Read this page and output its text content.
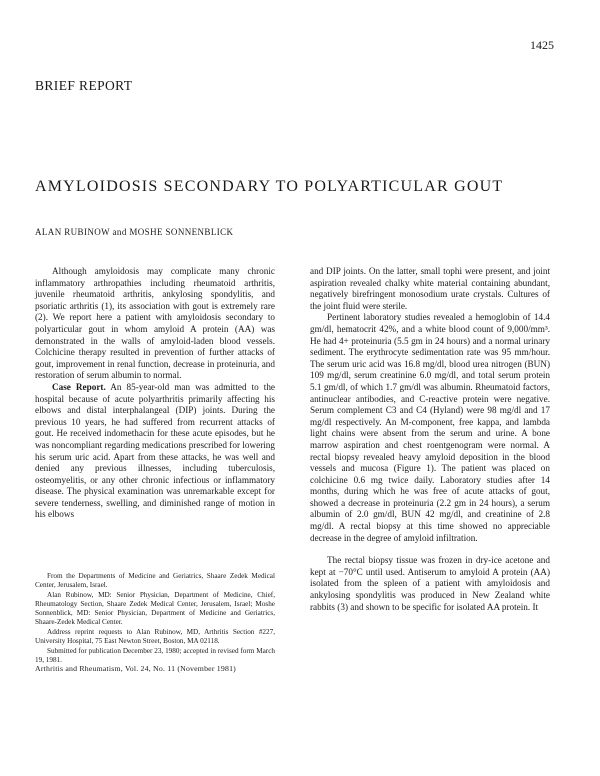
1425
BRIEF REPORT
AMYLOIDOSIS SECONDARY TO POLYARTICULAR GOUT
ALAN RUBINOW and MOSHE SONNENBLICK

Although amyloidosis may complicate many chronic inflammatory arthropathies including rheumatoid arthritis, juvenile rheumatoid arthritis, ankylosing spondylitis, and psoriatic arthritis (1), its association with gout is extremely rare (2). We report here a patient with amyloidosis secondary to polyarticular gout in whom amyloid A protein (AA) was demonstrated in the walls of amyloid-laden blood vessels. Colchicine therapy resulted in prevention of further attacks of gout, improvement in renal function, decrease in proteinuria, and restoration of serum albumin to normal.

Case Report. An 85-year-old man was admitted to the hospital because of acute polyarthritis primarily affecting his elbows and distal interphalangeal (DIP) joints. During the previous 10 years, he had suffered from recurrent attacks of gout. He received indomethacin for these acute episodes, but he was noncompliant regarding medications prescribed for lowering his serum uric acid. Apart from these attacks, he was well and denied any previous illnesses, including tuberculosis, osteomyelitis, or any other chronic infectious or inflammatory disease. The physical examination was unremarkable except for severe tenderness, swelling, and diminished range of motion in his elbows

and DIP joints. On the latter, small tophi were present, and joint aspiration revealed chalky white material containing abundant, negatively birefringent monosodium urate crystals. Cultures of the joint fluid were sterile.

Pertinent laboratory studies revealed a hemoglobin of 14.4 gm/dl, hematocrit 42%, and a white blood count of 9,000/mm³. He had 4+ proteinuria (5.5 gm in 24 hours) and a normal urinary sediment. The erythrocyte sedimentation rate was 95 mm/hour. The serum uric acid was 16.8 mg/dl, blood urea nitrogen (BUN) 109 mg/dl, serum creatinine 6.0 mg/dl, and total serum protein 5.1 gm/dl, of which 1.7 gm/dl was albumin. Rheumatoid factors, antinuclear antibodies, and C-reactive protein were negative. Serum complement C3 and C4 (Hyland) were 98 mg/dl and 17 mg/dl respectively. An M-component, free kappa, and lambda light chains were absent from the serum and urine. A bone marrow aspiration and chest roentgenogram were normal. A rectal biopsy revealed heavy amyloid deposition in the blood vessels and mucosa (Figure 1). The patient was placed on colchicine 0.6 mg twice daily. Laboratory studies after 14 months, during which he was free of acute attacks of gout, showed a decrease in proteinuria (2.2 gm in 24 hours), a serum albumin of 2.0 gm/dl, BUN 42 mg/dl, and creatinine of 2.8 mg/dl. A rectal biopsy at this time showed no appreciable decrease in the degree of amyloid infiltration.

The rectal biopsy tissue was frozen in dry-ice acetone and kept at −70°C until used. Antiserum to amyloid A protein (AA) isolated from the spleen of a patient with amyloidosis and ankylosing spondylitis was produced in New Zealand white rabbits (3) and shown to be specific for isolated AA protein. It

From the Departments of Medicine and Geriatrics, Shaare Zedek Medical Center, Jerusalem, Israel.

Alan Rubinow, MD: Senior Physician, Department of Medicine, Chief, Rheumatology Section, Shaare Zedek Medical Center, Jerusalem, Israel; Moshe Sonnenblick, MD: Senior Physician, Department of Medicine and Geriatrics, Shaare-Zedek Medical Center.

Address reprint requests to Alan Rubinow, MD, Arthritis Section #227, University Hospital, 75 East Newton Street, Boston, MA 02118.

Submitted for publication December 23, 1980; accepted in revised form March 19, 1981.

Arthritis and Rheumatism, Vol. 24, No. 11 (November 1981)
